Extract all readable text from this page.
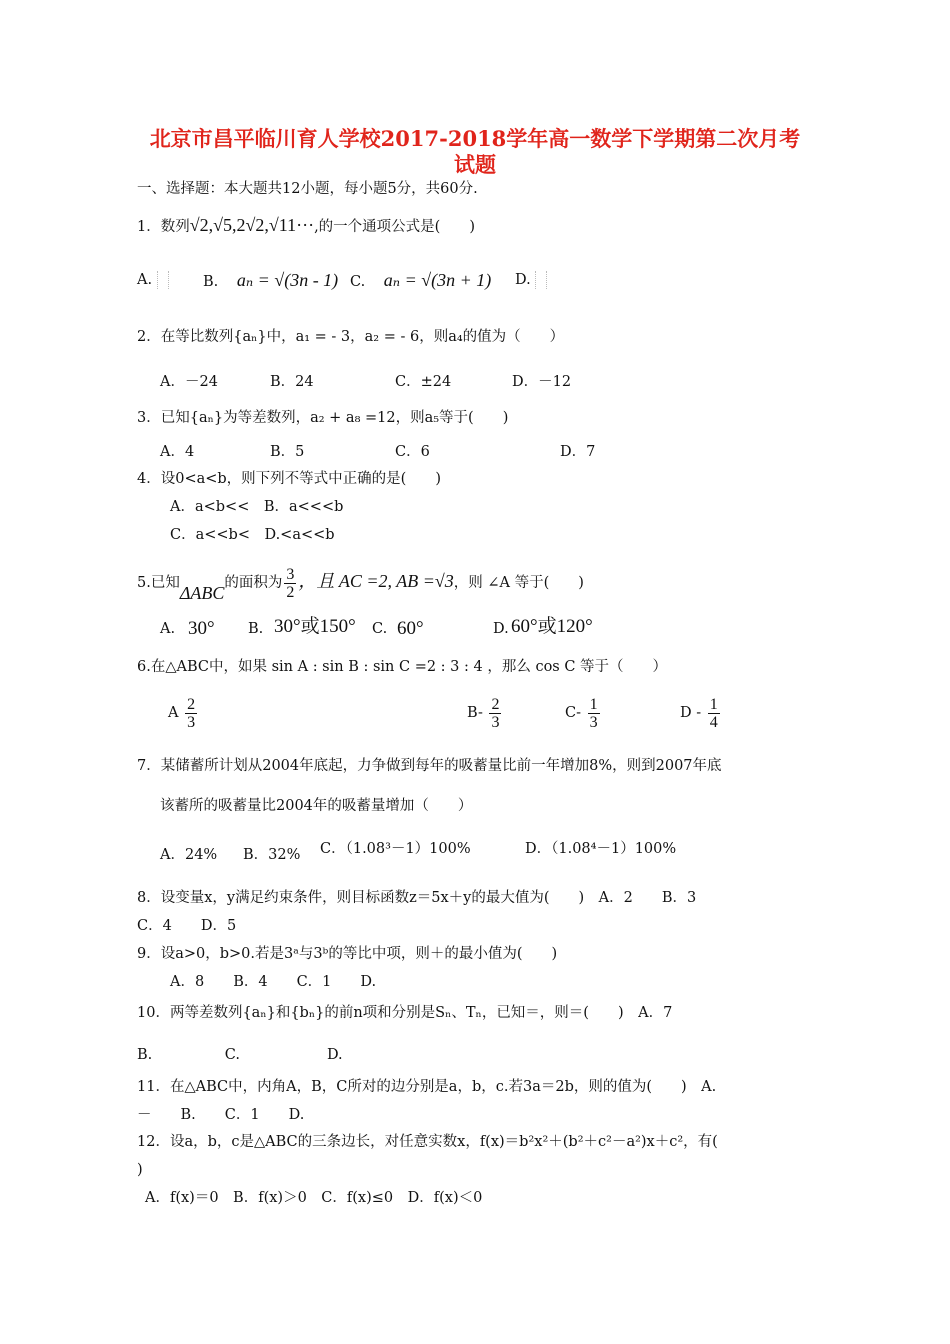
北京市昌平临川育人学校2017-2018学年高一数学下学期第二次月考
试题
一、选择题：本大题共12小题，每小题5分，共60分.
1．数列√2,√5,2√2,√11···,的一个通项公式是(　　)
A.	B. aₙ = √(3n - 1) C. aₙ = √(3n + 1) D.
2．在等比数列{aₙ}中，a₁ = - 3，a₂ = - 6，则a₄的值为（　　）
A．－24	B．24	C．±24	D．－12
3．已知{aₙ}为等差数列，a₂ + a₈ =12，则a₅等于(　　)
A．4	B．5	C．6	D．7
4．设0<a<b，则下列不等式中正确的是(　　)
A．a<b<<　B．a<<<b
C．a<<b<　D.<a<<b
5.已知ΔABC的面积为 $\frac{3}{2}$ ，且 AC =2, AB =√3，则 ∠A 等于(　　)
A. 30° B. 30°或150° C. 60°	D. 60°或120°
6.在△ABC中，如果 sin A : sin B : sin C =2 : 3 : 4 ，那么 cos C 等于（　　）
A $\frac{2}{3}$	$B- \frac{2}{3}$	$C- \frac{1}{3}$	D - $\frac{1}{4}$
7．某储蓄所计划从2004年底起，力争做到每年的吸蓄量比前一年增加8%，则到2007年底
该蓄所的吸蓄量比2004年的吸蓄量增加（　　）
A．24% B．32% C．（1.08³－1）100%	D．（1.08⁴－1）100%
8．设变量x，y满足约束条件，则目标函数z＝5x＋y的最大值为(　　)　A．2　　B．3
C．4　　D．5
9．设a>0，b>0.若是3ᵃ与3ᵇ的等比中项，则＋的最小值为(　　)
A．8　　B．4　　C．1　　D.
10．两等差数列{aₙ}和{bₙ}的前n项和分别是Sₙ、Tₙ，已知＝，则＝(　　)　A．7
B.　　　　　C.　　　　　　D.
11．在△ABC中，内角A，B，C所对的边分别是a，b，c.若3a＝2b，则的值为(　　)　A.
－　　B.　　C．1　　D.
12．设a，b，c是△ABC的三条边长，对任意实数x，f(x)＝b²x²＋(b²＋c²－a²)x＋c²，有(
)
A．f(x)＝0　B．f(x)＞0　C．f(x)≤0　D．f(x)＜0
